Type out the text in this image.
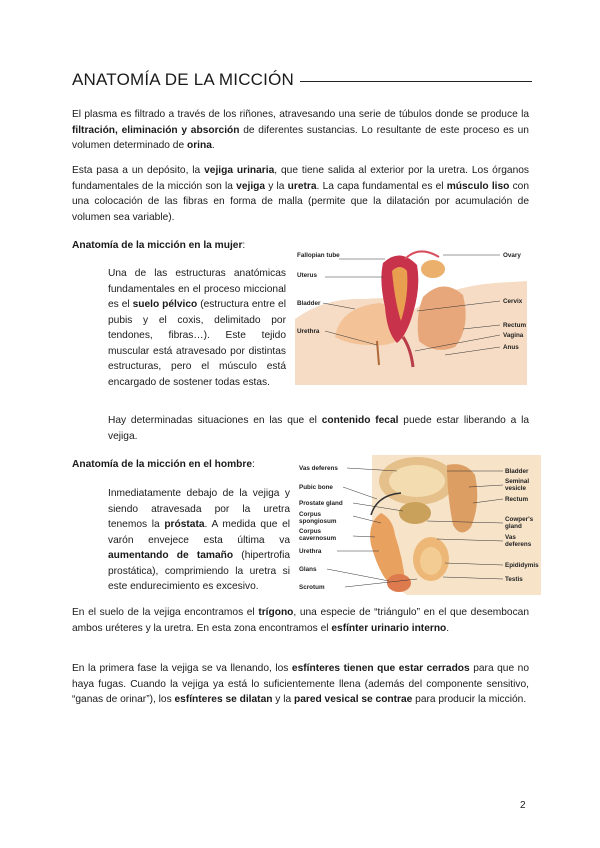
ANATOMÍA DE LA MICCIÓN
El plasma es filtrado a través de los riñones, atravesando una serie de túbulos donde se produce la filtración, eliminación y absorción de diferentes sustancias. Lo resultante de este proceso es un volumen determinado de orina.
Esta pasa a un depósito, la vejiga urinaria, que tiene salida al exterior por la uretra. Los órganos fundamentales de la micción son la vejiga y la uretra. La capa fundamental es el músculo liso con una colocación de las fibras en forma de malla (permite que la dilatación por acumulación de volumen sea variable).
Anatomía de la micción en la mujer:
Una de las estructuras anatómicas fundamentales en el proceso miccional es el suelo pélvico (estructura entre el pubis y el coxis, delimitado por tendones, fibras…). Este tejido muscular está atravesado por distintas estructuras, pero el músculo está encargado de sostener todas estas.
Fallopian tube
Uterus
Bladder
Urethra
Ovary
Cervix
Rectum
Vagina
Anus
Hay determinadas situaciones en las que el contenido fecal puede estar liberando a la vejiga.
Anatomía de la micción en el hombre:
Inmediatamente debajo de la vejiga y siendo atravesada por la uretra tenemos la próstata. A medida que el varón envejece esta última va aumentando de tamaño (hipertrofia prostática), comprimiendo la uretra si este endurecimiento es excesivo.
Vas deferens
Pubic bone
Prostate gland
Corpus
spongiosum
Corpus
cavernosum
Urethra
Glans
Scrotum
Bladder
Seminal
vesicle
Rectum
Cowper's
gland
Vas
deferens
Epididymis
Testis
En el suelo de la vejiga encontramos el trígono, una especie de “triángulo” en el que desembocan ambos uréteres y la uretra. En esta zona encontramos el esfínter urinario interno.
En la primera fase la vejiga se va llenando, los esfínteres tienen que estar cerrados para que no haya fugas. Cuando la vejiga ya está lo suficientemente llena (además del componente sensitivo, “ganas de orinar”), los esfínteres se dilatan y la pared vesical se contrae para producir la micción.
2
